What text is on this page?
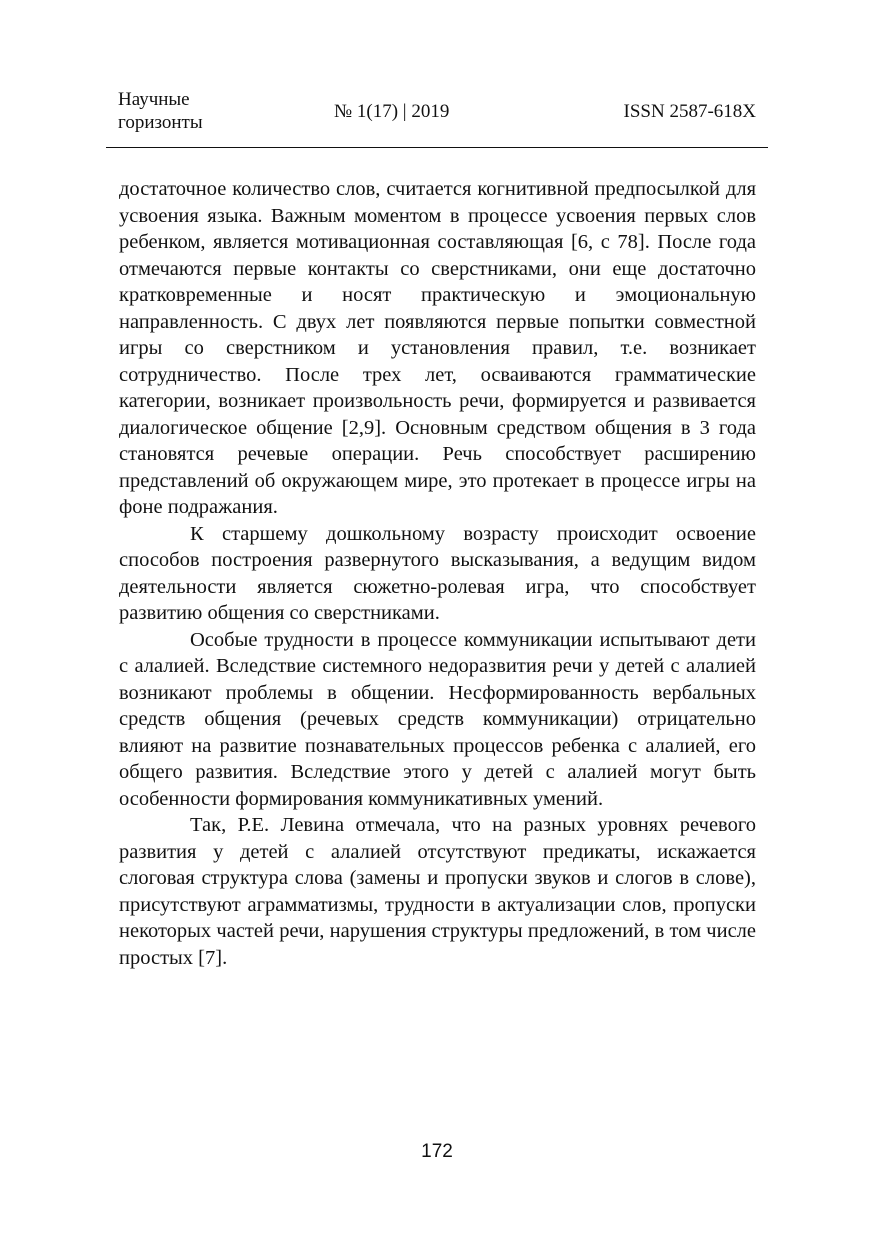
Научные
горизонты
№ 1(17) | 2019	ISSN 2587-618X

достаточное количество слов, считается когнитивной предпосылкой для усвоения языка. Важным моментом в процессе усвоения первых слов ребенком, является мотивационная составляющая [6, с 78]. После года отмечаются первые контакты со сверстниками, они еще достаточно кратковременные и носят практическую и эмоциональную направленность. С двух лет появляются первые попытки совместной игры со сверстником и установления правил, т.е. возникает сотрудничество. После трех лет, осваиваются грамматические категории, возникает произвольность речи, формируется и развивается диалогическое общение [2,9]. Основным средством общения в 3 года становятся речевые операции. Речь способствует расширению представлений об окружающем мире, это протекает в процессе игры на фоне подражания.

К старшему дошкольному возрасту происходит освоение способов построения развернутого высказывания, а ведущим видом деятельности является сюжетно-ролевая игра, что способствует развитию общения со сверстниками.

Особые трудности в процессе коммуникации испытывают дети с алалией. Вследствие системного недоразвития речи у детей с алалией возникают проблемы в общении. Несформированность вербальных средств общения (речевых средств коммуникации) отрицательно влияют на развитие познавательных процессов ребенка с алалией, его общего развития. Вследствие этого у детей с алалией могут быть особенности формирования коммуникативных умений.

Так, Р.Е. Левина отмечала, что на разных уровнях речевого развития у детей с алалией отсутствуют предикаты, искажается слоговая структура слова (замены и пропуски звуков и слогов в слове), присутствуют аграмматизмы, трудности в актуализации слов, пропуски некоторых частей речи, нарушения структуры предложений, в том числе простых [7].

172
